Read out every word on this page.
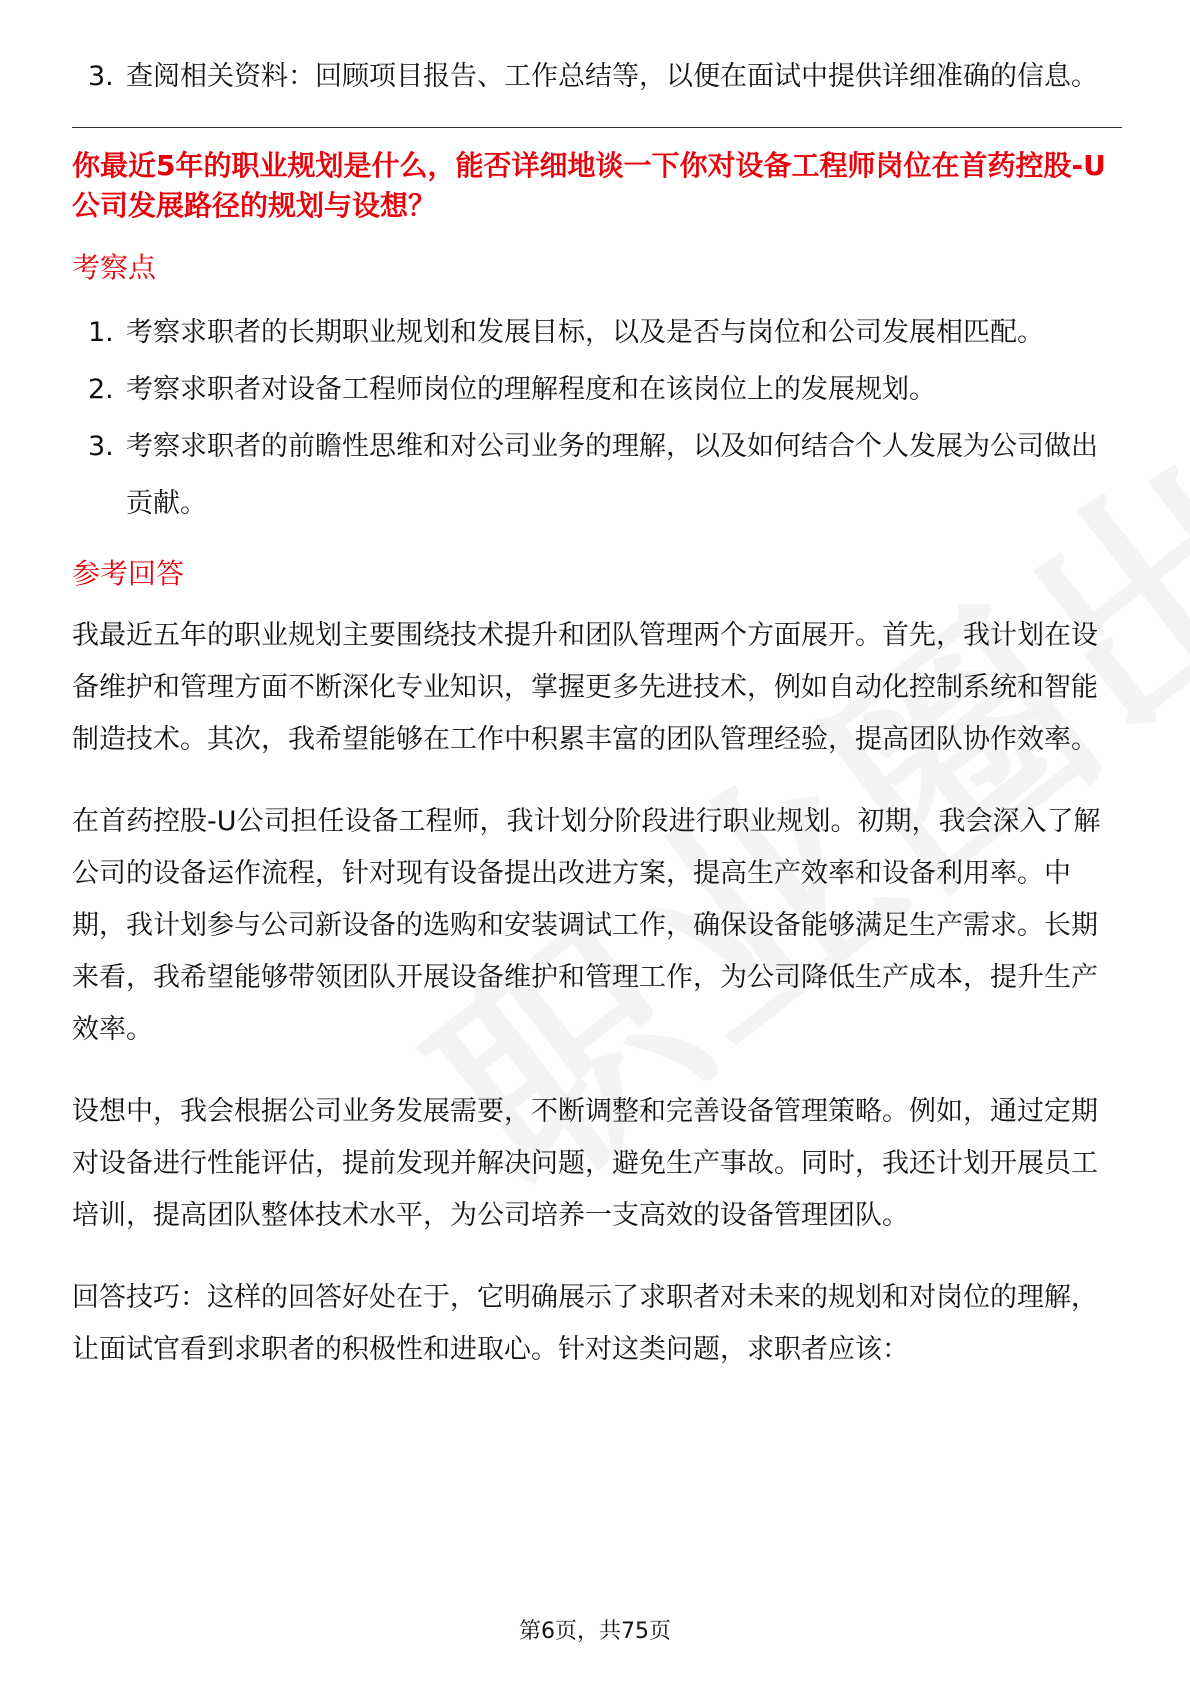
3. 查阅相关资料：回顾项目报告、工作总结等，以便在面试中提供详细准确的信息。
你最近5年的职业规划是什么，能否详细地谈一下你对设备工程师岗位在首药控股-U公司发展路径的规划与设想？
考察点
1. 考察求职者的长期职业规划和发展目标，以及是否与岗位和公司发展相匹配。
2. 考察求职者对设备工程师岗位的理解程度和在该岗位上的发展规划。
3. 考察求职者的前瞻性思维和对公司业务的理解，以及如何结合个人发展为公司做出贡献。
参考回答

我最近五年的职业规划主要围绕技术提升和团队管理两个方面展开。首先，我计划在设备维护和管理方面不断深化专业知识，掌握更多先进技术，例如自动化控制系统和智能制造技术。其次，我希望能够在工作中积累丰富的团队管理经验，提高团队协作效率。

在首药控股-U公司担任设备工程师，我计划分阶段进行职业规划。初期，我会深入了解公司的设备运作流程，针对现有设备提出改进方案，提高生产效率和设备利用率。中期，我计划参与公司新设备的选购和安装调试工作，确保设备能够满足生产需求。长期来看，我希望能够带领团队开展设备维护和管理工作，为公司降低生产成本，提升生产效率。

设想中，我会根据公司业务发展需要，不断调整和完善设备管理策略。例如，通过定期对设备进行性能评估，提前发现并解决问题，避免生产事故。同时，我还计划开展员工培训，提高团队整体技术水平，为公司培养一支高效的设备管理团队。

回答技巧：这样的回答好处在于，它明确展示了求职者对未来的规划和对岗位的理解，让面试官看到求职者的积极性和进取心。针对这类问题，求职者应该：

第6页，共75页
